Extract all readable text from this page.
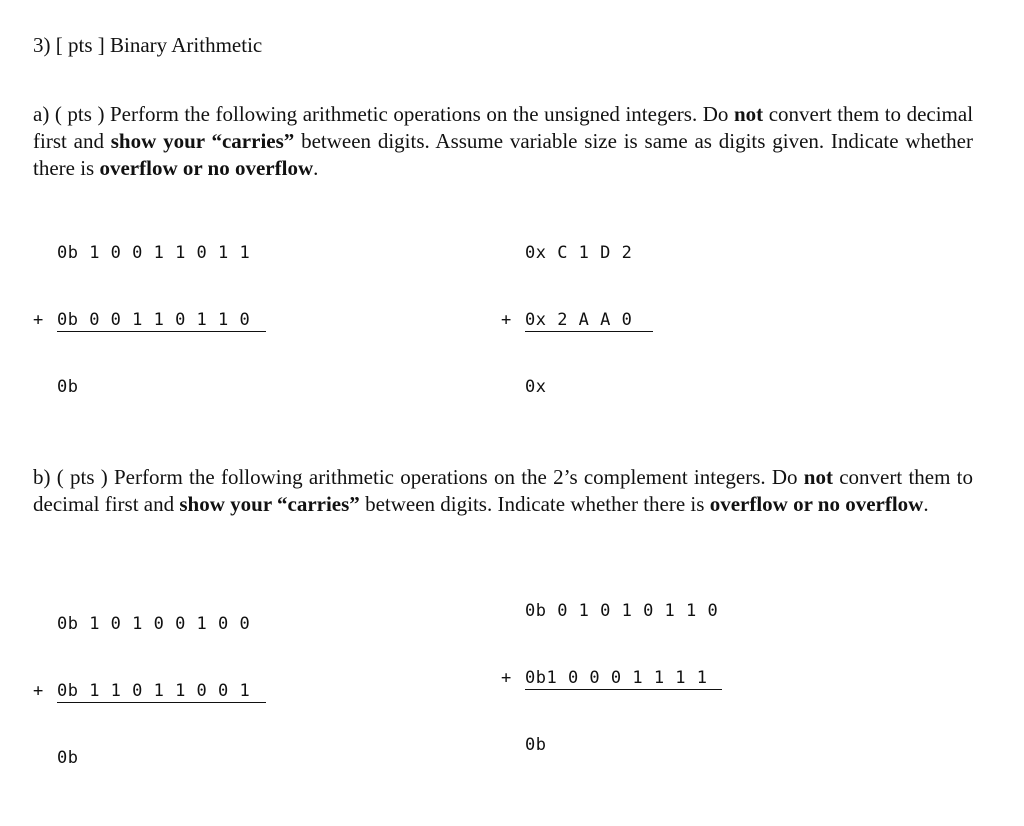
3) [ pts ] Binary Arithmetic
a) ( pts ) Perform the following arithmetic operations on the unsigned integers. Do not convert them to decimal first and show your “carries” between digits. Assume variable size is same as digits given. Indicate whether there is overflow or no overflow.

0b 1 0 0 1 1 0 1 1

+

0b 0 0 1 1 0 1 1 0

0b

0x C 1 D 2

+

0x 2 A A 0

0x

b) ( pts ) Perform the following arithmetic operations on the 2’s complement integers. Do not convert them to decimal first and show your “carries” between digits. Indicate whether there is overflow or no overflow.

0b 1 0 1 0 0 1 0 0

+

0b 1 1 0 1 1 0 0 1

0b

0b 0 1 0 1 0 1 1 0

+

0b1 0 0 0 1 1 1 1

0b
